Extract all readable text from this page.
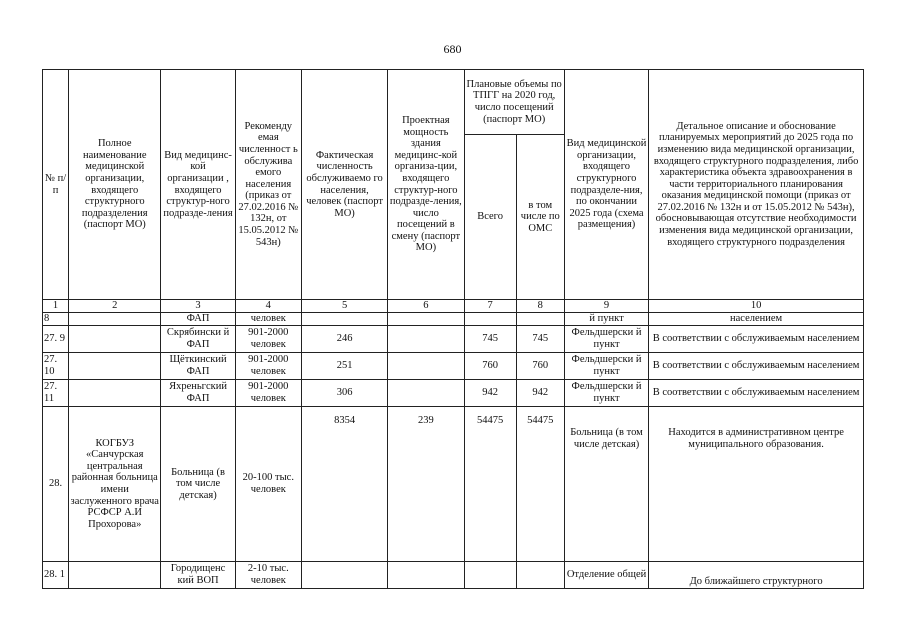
680
№ п/п	Полное наименование медицинской организации, входящего структурного подразделения (паспорт МО)	Вид медицинс-кой организации , входящего структур-ного подразде-ления	Рекоменду емая численност ь обслужива емого населения (приказ от 27.02.2016 № 132н, от 15.05.2012 № 543н)	Фактическая численность обслуживаемо го населения, человек (паспорт МО)	Проектная мощность здания медицинс-кой организа-ции, входящего структур-ного подразде-ления, число посещений в смену (паспорт МО)	Плановые объемы по ТПГГ на 2020 год, число посещений (паспорт МО)		Вид медицинской организации, входящего структурного подразделе-ния, по окончании 2025 года (схема размещения)	Детальное описание и обоснование планируемых мероприятий до 2025 года по изменению вида медицинской организации, входящего структурного подразделения, либо характеристика объекта здравоохранения в части территориального планирования оказания медицинской помощи (приказ от 27.02.2016 № 132н и от 15.05.2012 № 543н), обосновывающая отсутствие необходимости изменения вида медицинской организации, входящего структурного подразделения
						Всего	в том числе по ОМС		
1	2	3	4	5	6	7	8	9	10
8		ФАП	человек					й пункт	населением
27. 9		Скрябински й ФАП	901-2000 человек	246		745	745	Фельдшерски й пункт	В соответствии с обслуживаемым населением
27. 10		Щёткинский ФАП	901-2000 человек	251		760	760	Фельдшерски й пункт	В соответствии с обслуживаемым населением
27. 11		Яхреньгский ФАП	901-2000 человек	306		942	942	Фельдшерски й пункт	В соответствии с обслуживаемым населением
28.	КОГБУЗ «Санчурская центральная районная больница имени заслуженного врача РСФСР А.И Прохорова»	Больница (в том числе детская)	20-100 тыс. человек	8354	239	54475	54475	Больница (в том числе детская)	Находится в административном центре муниципального образования.
28. 1		Городищенс кий ВОП	2-10 тыс. человек					Отделение общей	До ближайшего структурного
